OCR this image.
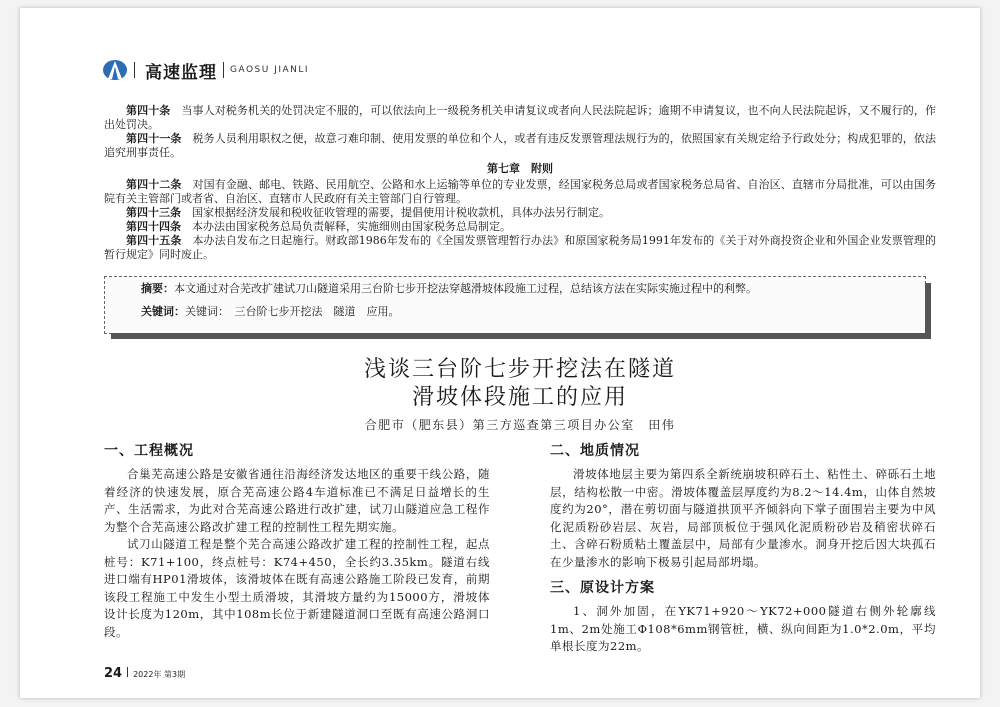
高速监理 GAOSU JIANLI

第四十条 当事人对税务机关的处罚决定不服的，可以依法向上一级税务机关申请复议或者向人民法院起诉；逾期不申请复议，也不向人民法院起诉，又不履行的，作出处罚决。

第四十一条 税务人员利用职权之便，故意刁难印制、使用发票的单位和个人，或者有违反发票管理法规行为的，依照国家有关规定给予行政处分；构成犯罪的，依法追究刑事责任。

第七章　附则

第四十二条 对国有金融、邮电、铁路、民用航空、公路和水上运输等单位的专业发票，经国家税务总局或者国家税务总局省、自治区、直辖市分局批准，可以由国务院有关主管部门或者省、自治区、直辖市人民政府有关主管部门自行管理。

第四十三条 国家根据经济发展和税收征收管理的需要，提倡使用计税收款机，具体办法另行制定。

第四十四条 本办法由国家税务总局负责解释，实施细则由国家税务总局制定。

第四十五条 本办法自发布之日起施行。财政部1986年发布的《全国发票管理暂行办法》和原国家税务局1991年发布的《关于对外商投资企业和外国企业发票管理的暂行规定》同时废止。

摘要：本文通过对合芜改扩建试刀山隧道采用三台阶七步开挖法穿越滑坡体段施工过程，总结该方法在实际实施过程中的利弊。

关键词：关键词：　三台阶七步开挖法　隧道　应用。

浅谈三台阶七步开挖法在隧道
滑坡体段施工的应用
合肥市（肥东县）第三方巡查第三项目办公室　田伟
一、工程概况

合巢芜高速公路是安徽省通往沿海经济发达地区的重要干线公路，随着经济的快速发展，原合芜高速公路4车道标准已不满足日益增长的生产、生活需求，为此对合芜高速公路进行改扩建，试刀山隧道应急工程作为整个合芜高速公路改扩建工程的控制性工程先期实施。

试刀山隧道工程是整个芜合高速公路改扩建工程的控制性工程，起点桩号：K71+100，终点桩号：K74+450，全长约3.35km。隧道右线进口端有HP01滑坡体，该滑坡体在既有高速公路施工阶段已发育，前期该段工程施工中发生小型土质滑坡，其滑坡方量约为15000方，滑坡体设计长度为120m，其中108m长位于新建隧道洞口至既有高速公路洞口段。

二、地质情况

滑坡体地层主要为第四系全新统崩坡积碎石土、粘性土、碎砾石土地层，结构松散一中密。滑坡体覆盖层厚度约为8.2～14.4m，山体自然坡度约为20°，潜在剪切面与隧道拱顶平齐倾斜向下掌子面围岩主要为中风化泥质粉砂岩层、灰岩，局部顶板位于强风化泥质粉砂岩及稍密状碎石土、含碎石粉质粘土覆盖层中，局部有少量渗水。洞身开挖后因大块孤石在少量渗水的影响下极易引起局部坍塌。

三、原设计方案

1、洞外加固，在YK71+920～YK72+000隧道右侧外轮廓线1m、2m处施工Φ108*6mm钢管桩，横、纵向间距为1.0*2.0m，平均单根长度为22m。

24 2022年 第3期
